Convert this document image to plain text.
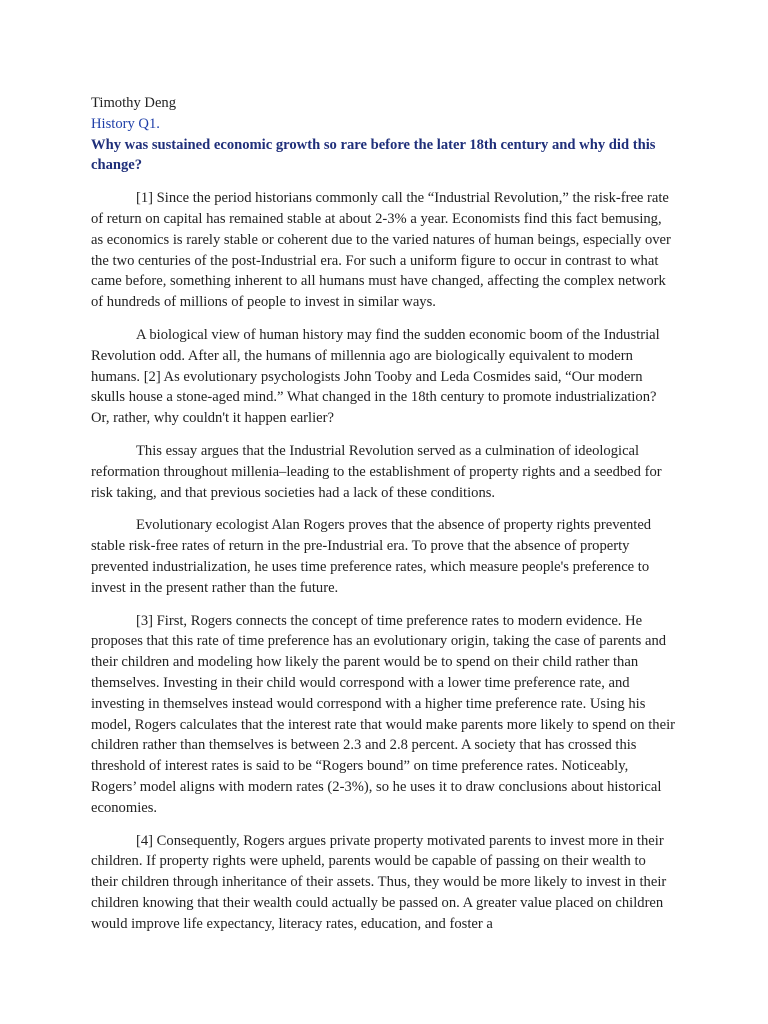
Timothy Deng

History Q1.

Why was sustained economic growth so rare before the later 18th century and why did this change?

[1] Since the period historians commonly call the “Industrial Revolution,” the risk-free rate of return on capital has remained stable at about 2-3% a year. Economists find this fact bemusing, as economics is rarely stable or coherent due to the varied natures of human beings, especially over the two centuries of the post-Industrial era. For such a uniform figure to occur in contrast to what came before, something inherent to all humans must have changed, affecting the complex network of hundreds of millions of people to invest in similar ways.

A biological view of human history may find the sudden economic boom of the Industrial Revolution odd. After all, the humans of millennia ago are biologically equivalent to modern humans. [2] As evolutionary psychologists John Tooby and Leda Cosmides said, “Our modern skulls house a stone-aged mind.” What changed in the 18th century to promote industrialization? Or, rather, why couldn't it happen earlier?

This essay argues that the Industrial Revolution served as a culmination of ideological reformation throughout millenia–leading to the establishment of property rights and a seedbed for risk taking, and that previous societies had a lack of these conditions.

Evolutionary ecologist Alan Rogers proves that the absence of property rights prevented stable risk-free rates of return in the pre-Industrial era. To prove that the absence of property prevented industrialization, he uses time preference rates, which measure people's preference to invest in the present rather than the future.

[3] First, Rogers connects the concept of time preference rates to modern evidence. He proposes that this rate of time preference has an evolutionary origin, taking the case of parents and their children and modeling how likely the parent would be to spend on their child rather than themselves. Investing in their child would correspond with a lower time preference rate, and investing in themselves instead would correspond with a higher time preference rate. Using his model, Rogers calculates that the interest rate that would make parents more likely to spend on their children rather than themselves is between 2.3 and 2.8 percent. A society that has crossed this threshold of interest rates is said to be “Rogers bound” on time preference rates. Noticeably, Rogers’ model aligns with modern rates (2-3%), so he uses it to draw conclusions about historical economies.

[4] Consequently, Rogers argues private property motivated parents to invest more in their children. If property rights were upheld, parents would be capable of passing on their wealth to their children through inheritance of their assets. Thus, they would be more likely to invest in their children knowing that their wealth could actually be passed on. A greater value placed on children would improve life expectancy, literacy rates, education, and foster a
